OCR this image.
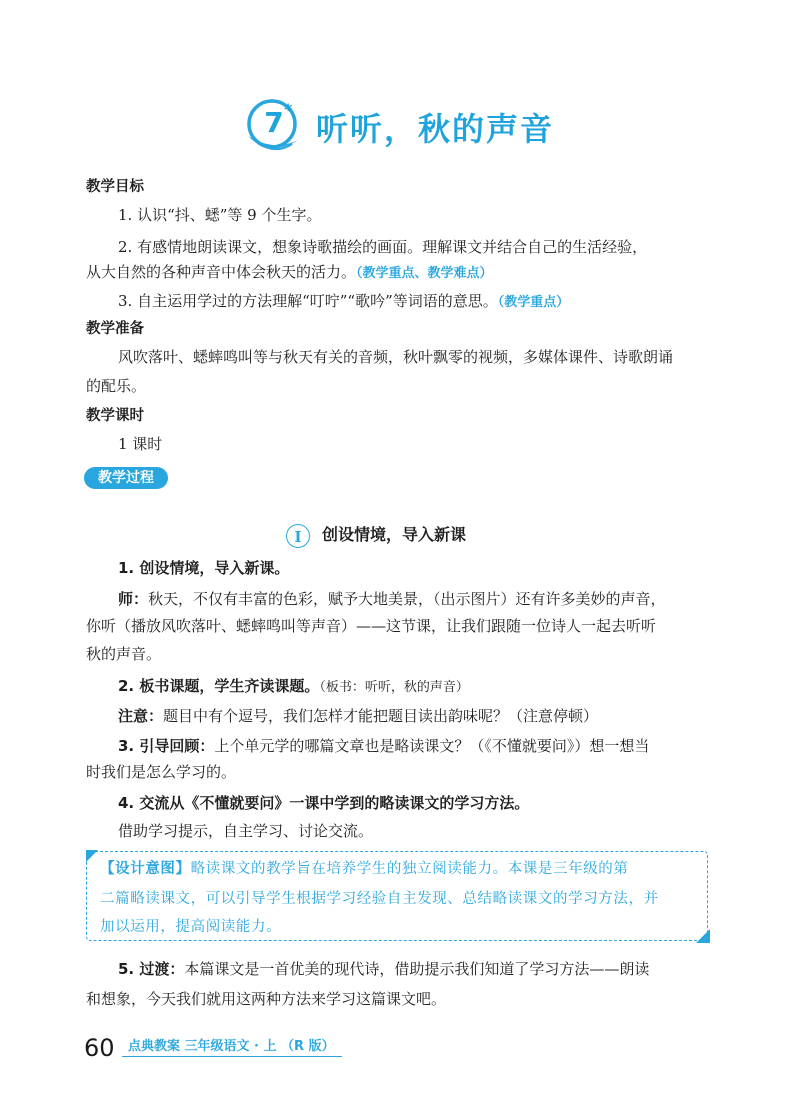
7 *
听听，秋的声音
教学目标
1. 认识“抖、蟋”等 9 个生字。
2. 有感情地朗读课文，想象诗歌描绘的画面。理解课文并结合自己的生活经验，
从大自然的各种声音中体会秋天的活力。（教学重点、教学难点）
3. 自主运用学过的方法理解“叮咛”“歌吟”等词语的意思。（教学重点）
教学准备
风吹落叶、蟋蟀鸣叫等与秋天有关的音频，秋叶飘零的视频，多媒体课件、诗歌朗诵
的配乐。
教学课时
1 课时
教学过程
I 创设情境，导入新课
1. 创设情境，导入新课。
师：秋天，不仅有丰富的色彩，赋予大地美景，（出示图片）还有许多美妙的声音，
你听（播放风吹落叶、蟋蟀鸣叫等声音）——这节课，让我们跟随一位诗人一起去听听
秋的声音。
2. 板书课题，学生齐读课题。（板书：听听，秋的声音）
注意：题目中有个逗号，我们怎样才能把题目读出韵味呢？（注意停顿）
3. 引导回顾：上个单元学的哪篇文章也是略读课文？（《不懂就要问》）想一想当
时我们是怎么学习的。
4. 交流从《不懂就要问》一课中学到的略读课文的学习方法。
借助学习提示，自主学习、讨论交流。
【设计意图】略读课文的教学旨在培养学生的独立阅读能力。本课是三年级的第
二篇略读课文，可以引导学生根据学习经验自主发现、总结略读课文的学习方法，并
加以运用，提高阅读能力。
5. 过渡：本篇课文是一首优美的现代诗，借助提示我们知道了学习方法——朗读
和想象，今天我们就用这两种方法来学习这篇课文吧。
60 点典教案 三年级语文 · 上 （R 版）
